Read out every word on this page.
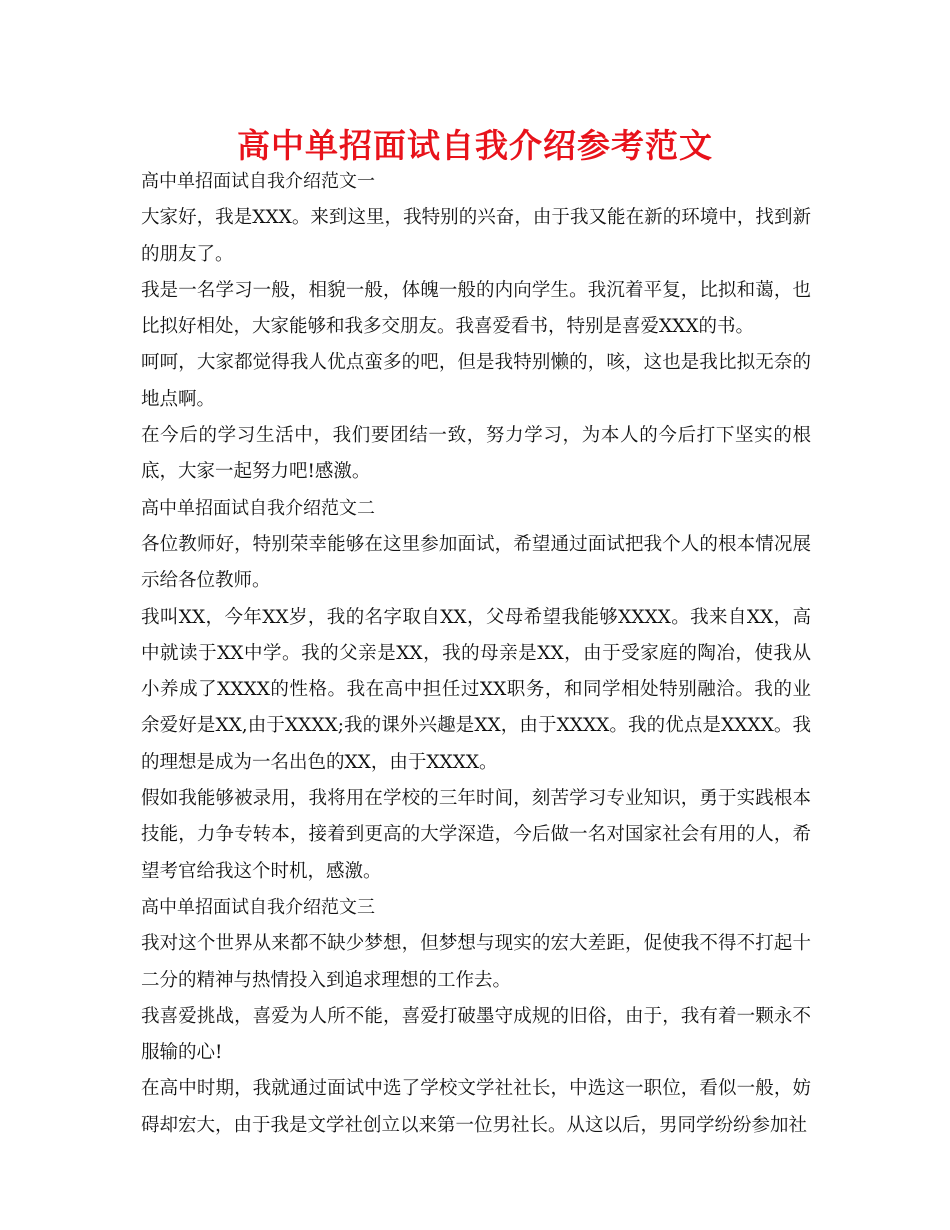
高中单招面试自我介绍参考范文

高中单招面试自我介绍范文一

大家好，我是XXX。来到这里，我特别的兴奋，由于我又能在新的环境中，找到新的朋友了。

我是一名学习一般，相貌一般，体魄一般的内向学生。我沉着平复，比拟和蔼，也比拟好相处，大家能够和我多交朋友。我喜爱看书，特别是喜爱XXX的书。

呵呵，大家都觉得我人优点蛮多的吧，但是我特别懒的，咳，这也是我比拟无奈的地点啊。

在今后的学习生活中，我们要团结一致，努力学习，为本人的今后打下坚实的根底，大家一起努力吧!感激。

高中单招面试自我介绍范文二

各位教师好，特别荣幸能够在这里参加面试，希望通过面试把我个人的根本情况展示给各位教师。

我叫XX，今年XX岁，我的名字取自XX，父母希望我能够XXXX。我来自XX，高中就读于XX中学。我的父亲是XX，我的母亲是XX，由于受家庭的陶冶，使我从小养成了XXXX的性格。我在高中担任过XX职务，和同学相处特别融洽。我的业余爱好是XX,由于XXXX;我的课外兴趣是XX，由于XXXX。我的优点是XXXX。我的理想是成为一名出色的XX，由于XXXX。

假如我能够被录用，我将用在学校的三年时间，刻苦学习专业知识，勇于实践根本技能，力争专转本，接着到更高的大学深造，今后做一名对国家社会有用的人，希望考官给我这个时机，感激。

高中单招面试自我介绍范文三

我对这个世界从来都不缺少梦想，但梦想与现实的宏大差距，促使我不得不打起十二分的精神与热情投入到追求理想的工作去。

我喜爱挑战，喜爱为人所不能，喜爱打破墨守成规的旧俗，由于，我有着一颗永不服输的心!

在高中时期，我就通过面试中选了学校文学社社长，中选这一职位，看似一般，妨碍却宏大，由于我是文学社创立以来第一位男社长。从这以后，男同学纷纷参加社
